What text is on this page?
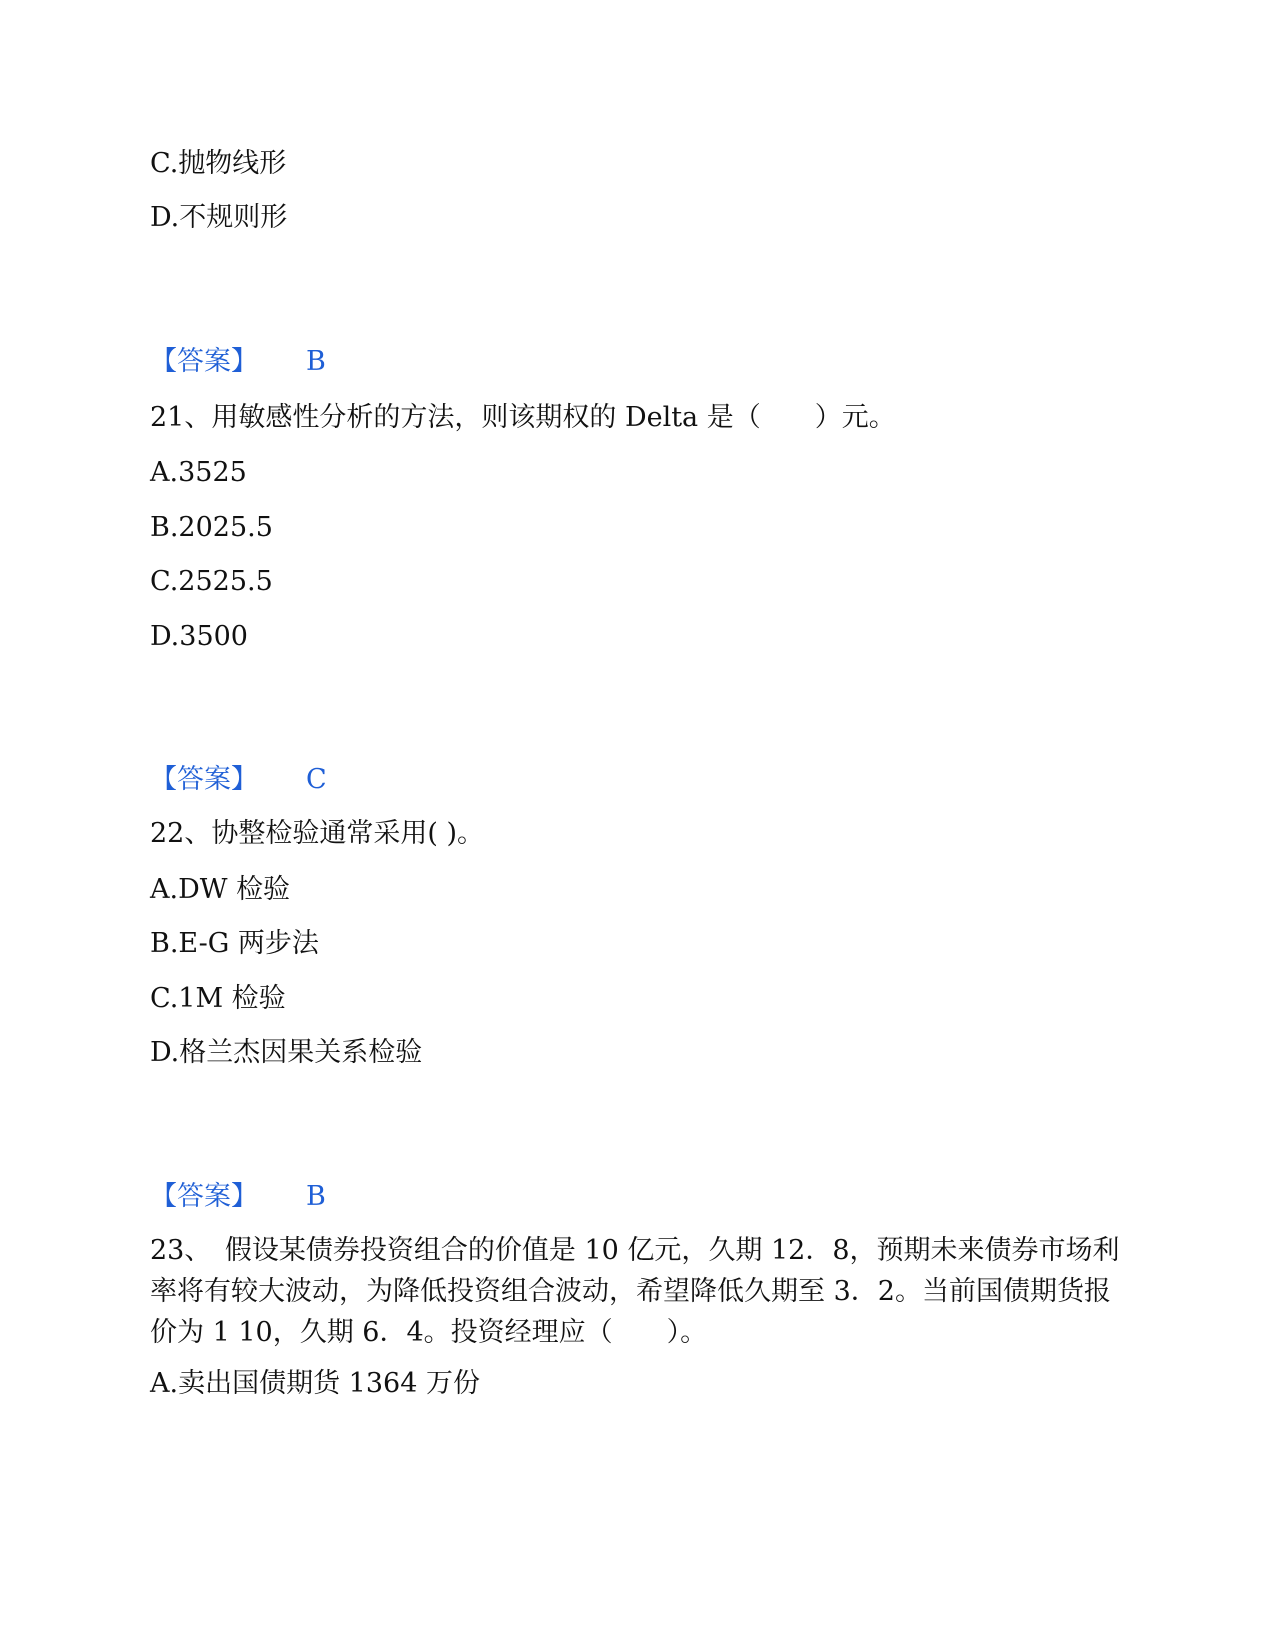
C.抛物线形
D.不规则形
【答案】 B
21、用敏感性分析的方法，则该期权的 Delta 是（　　）元。
A.3525
B.2025.5
C.2525.5
D.3500
【答案】 C
22、协整检验通常采用( )。
A.DW 检验
B.E-G 两步法
C.1M 检验
D.格兰杰因果关系检验
【答案】 B
23、　假设某债券投资组合的价值是 10 亿元，久期 12．8，预期未来债券市场利率将有较大波动，为降低投资组合波动，希望降低久期至 3．2。当前国债期货报价为 1 10，久期 6．4。投资经理应（　　）。
A.卖出国债期货 1364 万份
